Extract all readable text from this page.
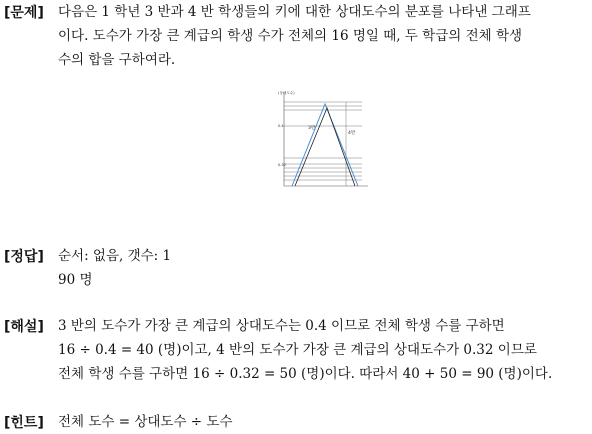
[문제] 다음은 1 학년 3 반과 4 반 학생들의 키에 대한 상대도수의 분포를 나타낸 그래프
이다. 도수가 가장 큰 계급의 학생 수가 전체의 16 명일 때, 두 학급의 전체 학생
수의 합을 구하여라.
(상대도수)
0.4
0.32
3반
4반
[정답] 순서: 없음, 갯수: 1
90 명
[해설] 3 반의 도수가 가장 큰 계급의 상대도수는 0.4 이므로 전체 학생 수를 구하면
16 ÷ 0.4 = 40 (명)이고, 4 반의 도수가 가장 큰 계급의 상대도수가 0.32 이므로
전체 학생 수를 구하면 16 ÷ 0.32 = 50 (명)이다. 따라서 40 + 50 = 90 (명)이다.
[힌트] 전체 도수 = 상대도수 ÷ 도수
